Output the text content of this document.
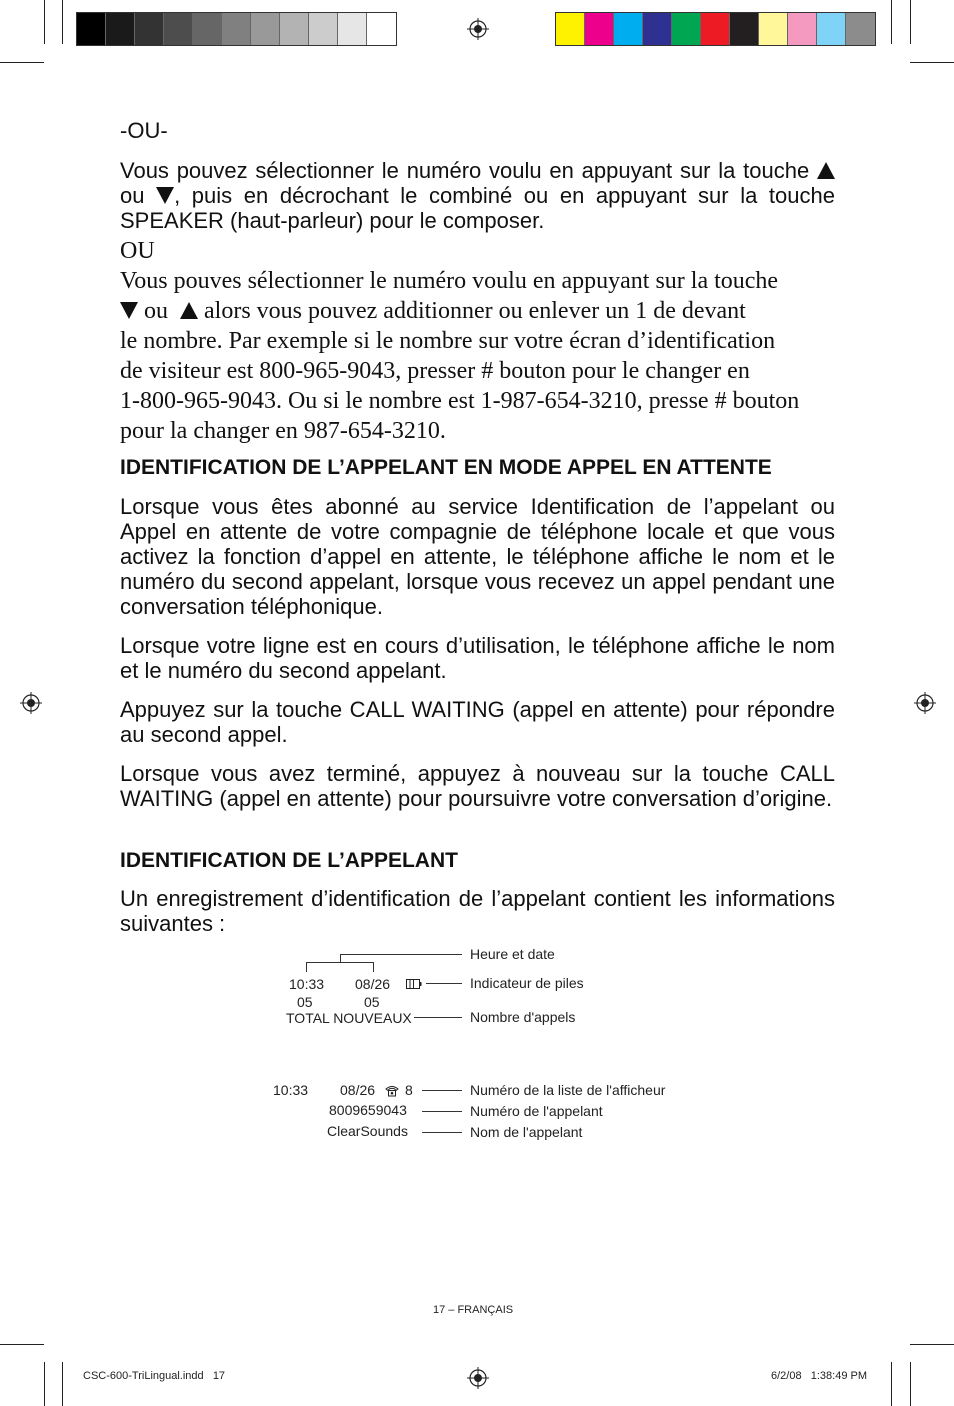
-OU-

Vous pouvez sélectionner le numéro voulu en appuyant sur la touche  ou , puis en décrochant le combiné ou en appuyant sur la touche SPEAKER (haut-parleur) pour le composer.

OU

Vous pouves sélectionner le numéro voulu en appuyant sur la touche

ou alors vous pouvez additionner ou enlever un 1 de devant

le nombre. Par exemple si le nombre sur votre écran d’identification

de visiteur est 800-965-9043, presser # bouton pour le changer en

1-800-965-9043. Ou si le nombre est 1-987-654-3210, presse # bouton

pour la changer en 987-654-3210.

IDENTIFICATION DE L’APPELANT EN MODE APPEL EN ATTENTE

Lorsque vous êtes abonné au service Identification de l’appelant ou Appel en attente de votre compagnie de téléphone locale et que vous activez la fonction d’appel en attente, le téléphone affiche le nom et le numéro du second appelant, lorsque vous recevez un appel pendant une conversation téléphonique.

Lorsque votre ligne est en cours d’utilisation, le téléphone affiche le nom et le numéro du second appelant.

Appuyez sur la touche CALL WAITING (appel en attente) pour répondre au second appel.

Lorsque vous avez terminé, appuyez à nouveau sur la touche CALL WAITING (appel en attente) pour poursuivre votre conversation d’origine.

IDENTIFICATION DE L’APPELANT

Un enregistrement d’identification de l’appelant contient les informations suivantes :

10:33 08/26
05	05
TOTAL NOUVEAUX
Heure et date
Indicateur de piles
Nombre d'appels
10:33 08/26 8
8009659043
ClearSounds
Numéro de la liste de l'afficheur
Numéro de l'appelant
Nom de l'appelant
17 – FRANÇAIS
CSC-600-TriLingual.indd   17	6/2/08   1:38:49 PM
